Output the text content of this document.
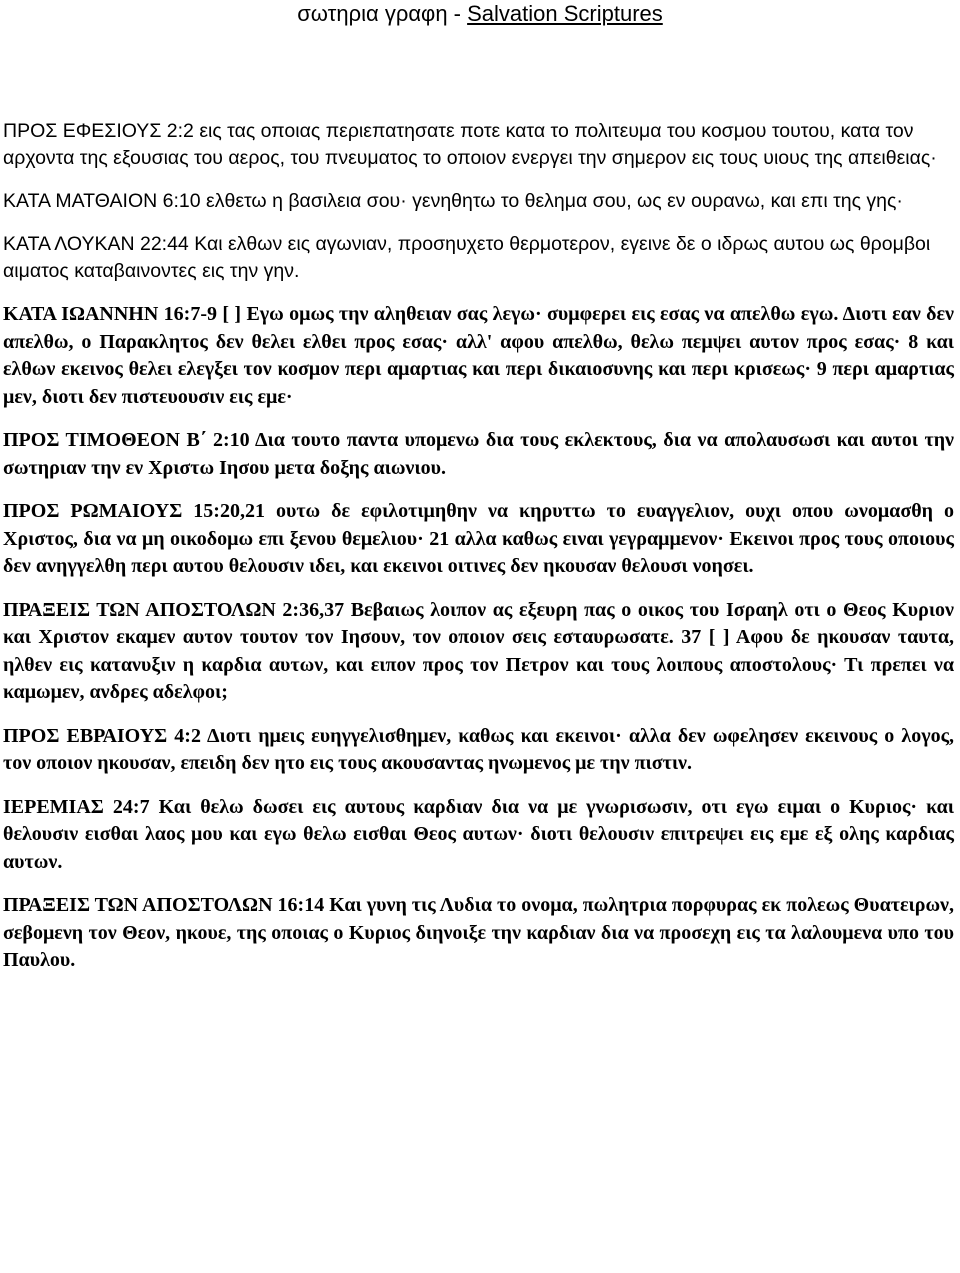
σωτηρια γραφη - Salvation Scriptures

ΠΡΟΣ ΕΦΕΣΙΟΥΣ 2:2 εις τας οποιας περιεπατησατε ποτε κατα το πολιτευμα του κοσμου τουτου, κατα τον αρχοντα της εξουσιας του αερος, του πνευματος το οποιον ενεργει την σημερον εις τους υιους της απειθειας·

ΚΑΤΑ ΜΑΤΘΑΙΟΝ 6:10 ελθετω η βασιλεια σου· γενηθητω το θελημα σου, ως εν ουρανω, και επι της γης·

ΚΑΤΑ ΛΟΥΚΑΝ 22:44 Και ελθων εις αγωνιαν, προσηυχετο θερμοτερον, εγεινε δε ο ιδρως αυτου ως θρομβοι αιματος καταβαινοντες εις την γην.

ΚΑΤΑ ΙΩΑΝΝΗΝ 16:7-9 [ ] Εγω ομως την αληθειαν σας λεγω· συμφερει εις εσας να απελθω εγω. Διοτι εαν δεν απελθω, ο Παρακλητος δεν θελει ελθει προς εσας· αλλ' αφου απελθω, θελω πεμψει αυτον προς εσας· 8 και ελθων εκεινος θελει ελεγξει τον κοσμον περι αμαρτιας και περι δικαιοσυνης και περι κρισεως· 9 περι αμαρτιας μεν, διοτι δεν πιστευουσιν εις εμε·

ΠΡΟΣ ΤΙΜΟΘΕΟΝ Β΄ 2:10 Δια τουτο παντα υπομενω δια τους εκλεκτους, δια να απολαυσωσι και αυτοι την σωτηριαν την εν Χριστω Ιησου μετα δοξης αιωνιου.

ΠΡΟΣ ΡΩΜΑΙΟΥΣ 15:20,21 ουτω δε εφιλοτιμηθην να κηρυττω το ευαγγελιον, ουχι οπου ωνομασθη ο Χριστος, δια να μη οικοδομω επι ξενου θεμελιου· 21 αλλα καθως ειναι γεγραμμενον· Εκεινοι προς τους οποιους δεν ανηγγελθη περι αυτου θελουσιν ιδει, και εκεινοι οιτινες δεν ηκουσαν θελουσι νοησει.

ΠΡΑΞΕΙΣ ΤΩΝ ΑΠΟΣΤΟΛΩΝ 2:36,37 Βεβαιως λοιπον ας εξευρη πας ο οικος του Ισραηλ οτι ο Θεος Κυριον και Χριστον εκαμεν αυτον τουτον τον Ιησουν, τον οποιον σεις εσταυρωσατε. 37 [ ] Αφου δε ηκουσαν ταυτα, ηλθεν εις κατανυξιν η καρδια αυτων, και ειπον προς τον Πετρον και τους λοιπους αποστολους· Τι πρεπει να καμωμεν, ανδρες αδελφοι;

ΠΡΟΣ ΕΒΡΑΙΟΥΣ 4:2 Διοτι ημεις ευηγγελισθημεν, καθως και εκεινοι· αλλα δεν ωφελησεν εκεινους ο λογος, τον οποιον ηκουσαν, επειδη δεν ητο εις τους ακουσαντας ηνωμενος με την πιστιν.

ΙΕΡΕΜΙΑΣ 24:7 Και θελω δωσει εις αυτους καρδιαν δια να με γνωρισωσιν, οτι εγω ειμαι ο Κυριος· και θελουσιν εισθαι λαος μου και εγω θελω εισθαι Θεος αυτων· διοτι θελουσιν επιτρεψει εις εμε εξ ολης καρδιας αυτων.

ΠΡΑΞΕΙΣ ΤΩΝ ΑΠΟΣΤΟΛΩΝ 16:14 Και γυνη τις Λυδια το ονομα, πωλητρια πορφυρας εκ πολεως Θυατειρων, σεβομενη τον Θεον, ηκουε, της οποιας ο Κυριος διηνοιξε την καρδιαν δια να προσεχη εις τα λαλουμενα υπο του Παυλου.
